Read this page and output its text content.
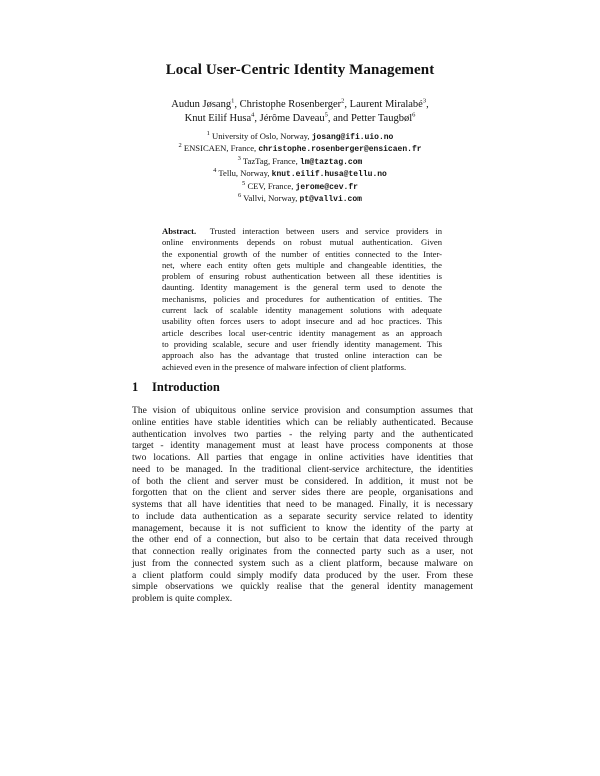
Local User-Centric Identity Management
Audun Jøsang$^1$, Christophe Rosenberger$^2$, Laurent Miralabé$^3$,
Knut Eilif Husa$^4$, Jérôme Daveau$^5$, and Petter Taugbøl$^6$
$^1$ University of Oslo, Norway, josang@ifi.uio.no
$^2$ ENSICAEN, France, christophe.rosenberger@ensicaen.fr
$^3$ TazTag, France, lm@taztag.com
$^4$ Tellu, Norway, knut.eilif.husa@tellu.no
$^5$ CEV, France, jerome@cev.fr
$^6$ Vallvi, Norway, pt@vallvi.com
Abstract. Trusted interaction between users and service providers in
online environments depends on robust mutual authentication. Given
the exponential growth of the number of entities connected to the Inter-
net, where each entity often gets multiple and changeable identities, the
problem of ensuring robust authentication between all these identities is
daunting. Identity management is the general term used to denote the
mechanisms, policies and procedures for authentication of entities. The
current lack of scalable identity management solutions with adequate
usability often forces users to adopt insecure and ad hoc practices. This
article describes local user-centric identity management as an approach
to providing scalable, secure and user friendly identity management. This
approach also has the advantage that trusted online interaction can be
achieved even in the presence of malware infection of client platforms.
1 Introduction
The vision of ubiquitous online service provision and consumption assumes that
online entities have stable identities which can be reliably authenticated. Because
authentication involves two parties - the relying party and the authenticated
target - identity management must at least have process components at those
two locations. All parties that engage in online activities have identities that
need to be managed. In the traditional client-service architecture, the identities
of both the client and server must be considered. In addition, it must not be
forgotten that on the client and server sides there are people, organisations and
systems that all have identities that need to be managed. Finally, it is necessary
to include data authentication as a separate security service related to identity
management, because it is not sufficient to know the identity of the party at
the other end of a connection, but also to be certain that data received through
that connection really originates from the connected party such as a user, not
just from the connected system such as a client platform, because malware on
a client platform could simply modify data produced by the user. From these
simple observations we quickly realise that the general identity management
problem is quite complex.
